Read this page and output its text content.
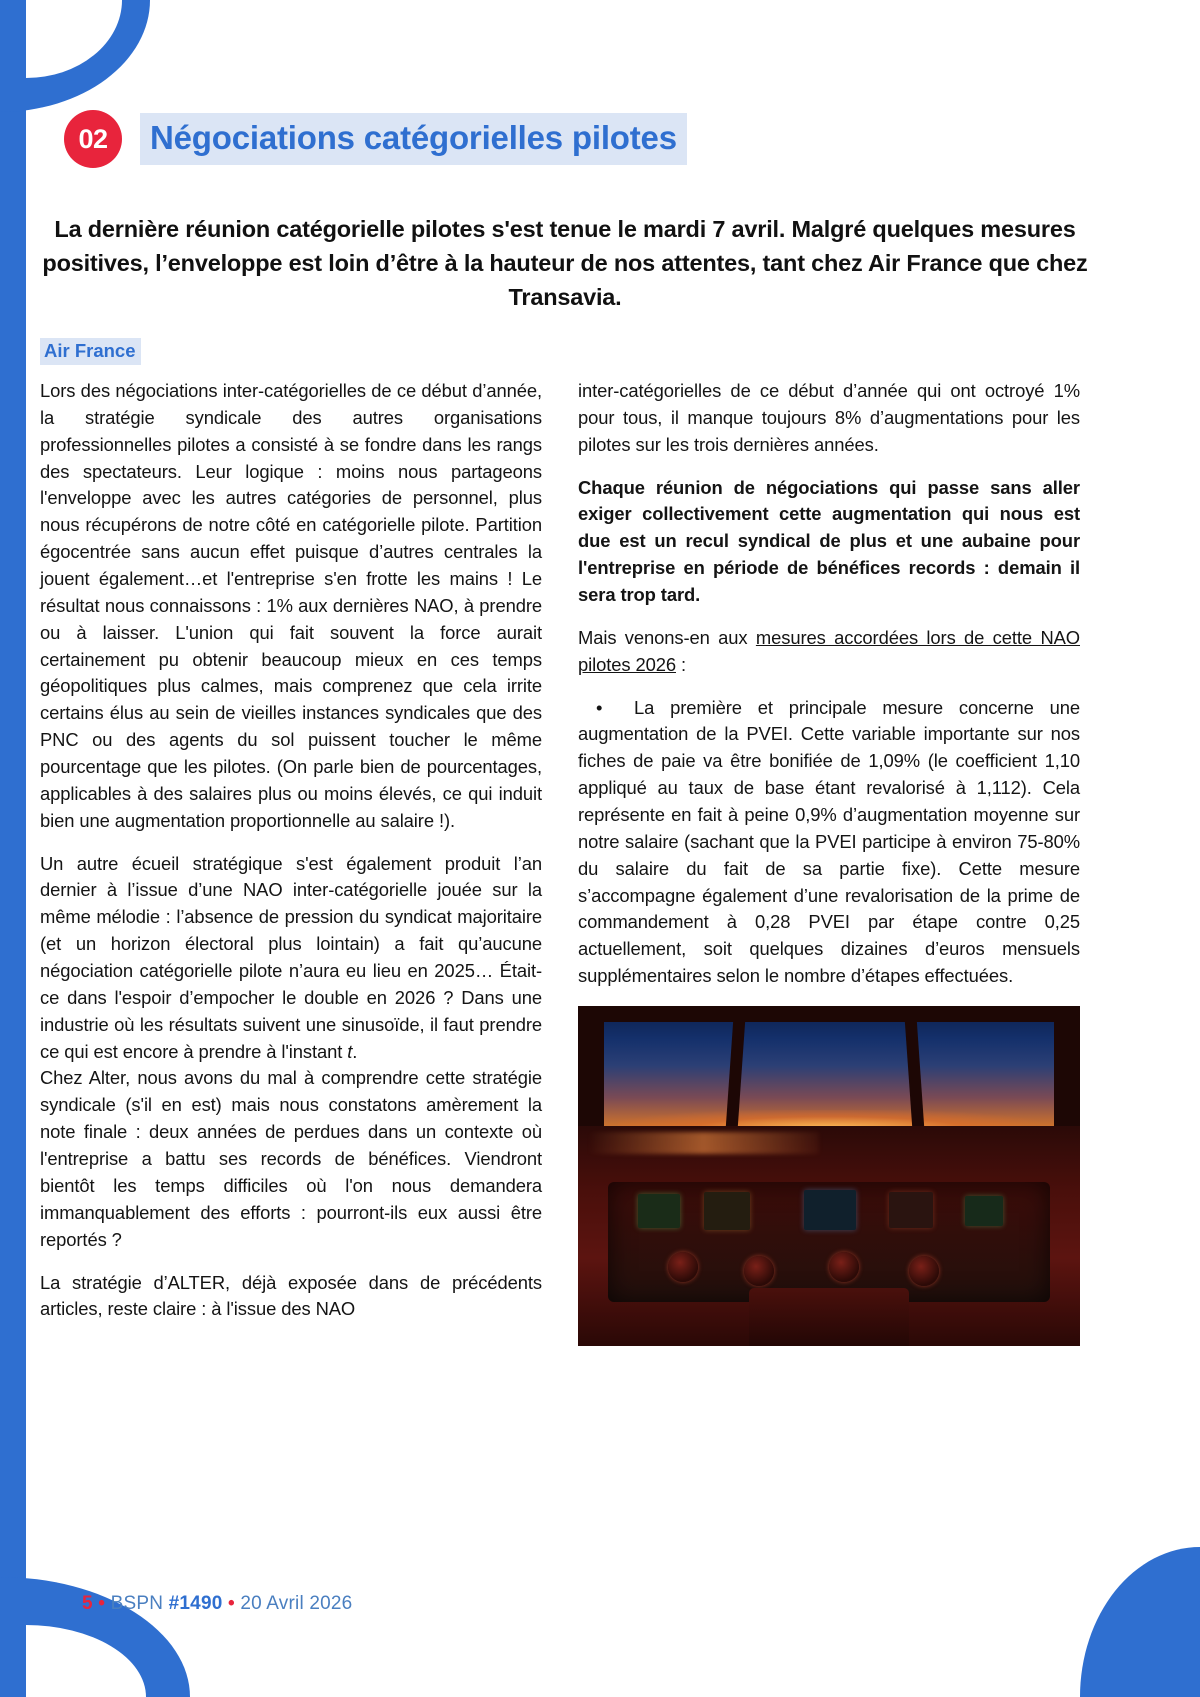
02	Négociations catégorielles pilotes
La dernière réunion catégorielle pilotes s'est tenue le mardi 7 avril. Malgré quelques mesures positives, l’enveloppe est loin d’être à la hauteur de nos attentes, tant chez Air France que chez Transavia.
Air France

Lors des négociations inter-catégorielles de ce début d’année, la stratégie syndicale des autres organisations professionnelles pilotes a consisté à se fondre dans les rangs des spectateurs. Leur logique : moins nous partageons l'enveloppe avec les autres catégories de personnel, plus nous récupérons de notre côté en catégorielle pilote. Partition égocentrée sans aucun effet puisque d’autres centrales la jouent également…et l'entreprise s'en frotte les mains ! Le résultat nous connaissons : 1% aux dernières NAO, à prendre ou à laisser. L'union qui fait souvent la force aurait certainement pu obtenir beaucoup mieux en ces temps géopolitiques plus calmes, mais comprenez que cela irrite certains élus au sein de vieilles instances syndicales que des PNC ou des agents du sol puissent toucher le même pourcentage que les pilotes. (On parle bien de pourcentages, applicables à des salaires plus ou moins élevés, ce qui induit bien une augmentation proportionnelle au salaire !).

Un autre écueil stratégique s'est également produit l’an dernier à l’issue d’une NAO inter-catégorielle jouée sur la même mélodie : l’absence de pression du syndicat majoritaire (et un horizon électoral plus lointain) a fait qu’aucune négociation catégorielle pilote n’aura eu lieu en 2025… Était-ce dans l'espoir d’empocher le double en 2026 ? Dans une industrie où les résultats suivent une sinusoïde, il faut prendre ce qui est encore à prendre à l'instant t.

Chez Alter, nous avons du mal à comprendre cette stratégie syndicale (s'il en est) mais nous constatons amèrement la note finale : deux années de perdues dans un contexte où l'entreprise a battu ses records de bénéfices. Viendront bientôt les temps difficiles où l'on nous demandera immanquablement des efforts : pourront-ils eux aussi être reportés ?

La stratégie d’ALTER, déjà exposée dans de précédents articles, reste claire : à l'issue des NAO

inter-catégorielles de ce début d’année qui ont octroyé 1% pour tous, il manque toujours 8% d’augmentations pour les pilotes sur les trois dernières années.

Chaque réunion de négociations qui passe sans aller exiger collectivement cette augmentation qui nous est due est un recul syndical de plus et une aubaine pour l'entreprise en période de bénéfices records : demain il sera trop tard.

Mais venons-en aux mesures accordées lors de cette NAO pilotes 2026 :

• La première et principale mesure concerne une augmentation de la PVEI. Cette variable importante sur nos fiches de paie va être bonifiée de 1,09% (le coefficient 1,10 appliqué au taux de base étant revalorisé à 1,112). Cela représente en fait à peine 0,9% d’augmentation moyenne sur notre salaire (sachant que la PVEI participe à environ 75-80% du salaire du fait de sa partie fixe). Cette mesure s’accompagne également d’une revalorisation de la prime de commandement à 0,28 PVEI par étape contre 0,25 actuellement, soit quelques dizaines d’euros mensuels supplémentaires selon le nombre d’étapes effectuées.

5 • BSPN #1490 • 20 Avril 2026
